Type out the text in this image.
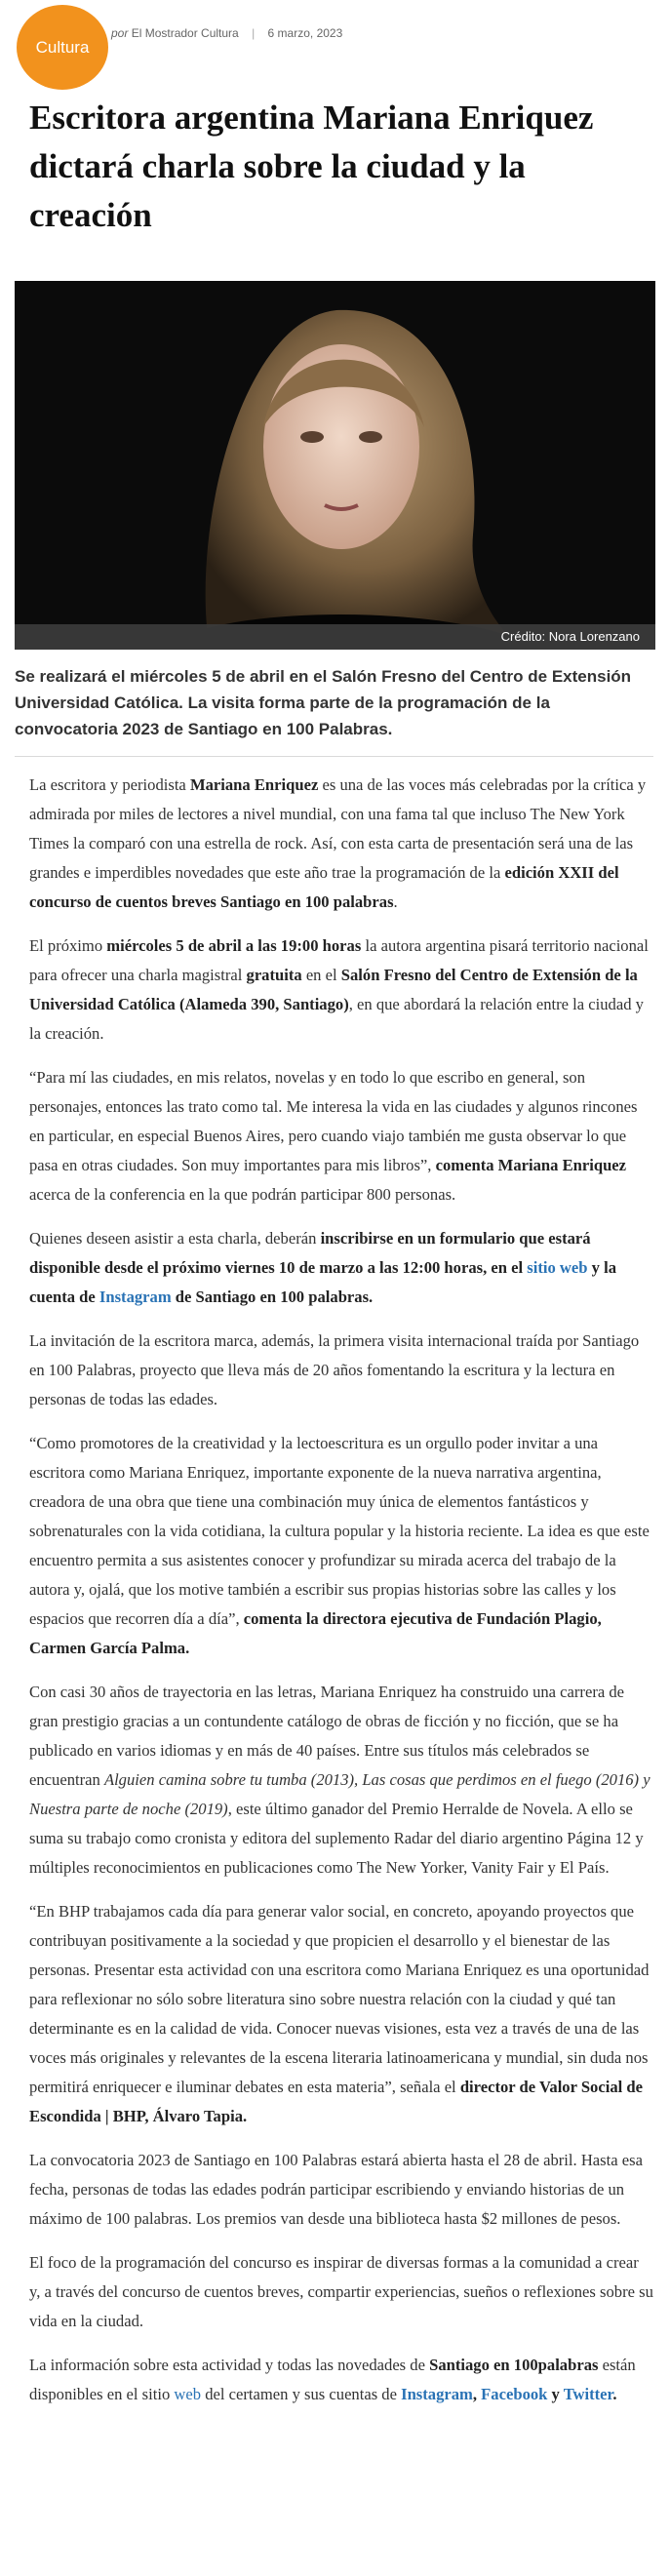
Cultura
por El Mostrador Cultura | 6 marzo, 2023
Escritora argentina Mariana Enriquez dictará charla sobre la ciudad y la creación
Crédito: Nora Lorenzano

Se realizará el miércoles 5 de abril en el Salón Fresno del Centro de Extensión Universidad Católica. La visita forma parte de la programación de la convocatoria 2023 de Santiago en 100 Palabras.

La escritora y periodista Mariana Enriquez es una de las voces más celebradas por la crítica y admirada por miles de lectores a nivel mundial, con una fama tal que incluso The New York Times la comparó con una estrella de rock. Así, con esta carta de presentación será una de las grandes e imperdibles novedades que este año trae la programación de la edición XXII del concurso de cuentos breves Santiago en 100 palabras.

El próximo miércoles 5 de abril a las 19:00 horas la autora argentina pisará territorio nacional para ofrecer una charla magistral gratuita en el Salón Fresno del Centro de Extensión de la Universidad Católica (Alameda 390, Santiago), en que abordará la relación entre la ciudad y la creación.

“Para mí las ciudades, en mis relatos, novelas y en todo lo que escribo en general, son personajes, entonces las trato como tal. Me interesa la vida en las ciudades y algunos rincones en particular, en especial Buenos Aires, pero cuando viajo también me gusta observar lo que pasa en otras ciudades. Son muy importantes para mis libros”, comenta Mariana Enriquez acerca de la conferencia en la que podrán participar 800 personas.

Quienes deseen asistir a esta charla, deberán inscribirse en un formulario que estará disponible desde el próximo viernes 10 de marzo a las 12:00 horas, en el sitio web y la cuenta de Instagram de Santiago en 100 palabras.

La invitación de la escritora marca, además, la primera visita internacional traída por Santiago en 100 Palabras, proyecto que lleva más de 20 años fomentando la escritura y la lectura en personas de todas las edades.

“Como promotores de la creatividad y la lectoescritura es un orgullo poder invitar a una escritora como Mariana Enriquez, importante exponente de la nueva narrativa argentina, creadora de una obra que tiene una combinación muy única de elementos fantásticos y sobrenaturales con la vida cotidiana, la cultura popular y la historia reciente. La idea es que este encuentro permita a sus asistentes conocer y profundizar su mirada acerca del trabajo de la autora y, ojalá, que los motive también a escribir sus propias historias sobre las calles y los espacios que recorren día a día”, comenta la directora ejecutiva de Fundación Plagio, Carmen García Palma.

Con casi 30 años de trayectoria en las letras, Mariana Enriquez ha construido una carrera de gran prestigio gracias a un contundente catálogo de obras de ficción y no ficción, que se ha publicado en varios idiomas y en más de 40 países. Entre sus títulos más celebrados se encuentran Alguien camina sobre tu tumba (2013), Las cosas que perdimos en el fuego (2016) y Nuestra parte de noche (2019), este último ganador del Premio Herralde de Novela. A ello se suma su trabajo como cronista y editora del suplemento Radar del diario argentino Página 12 y múltiples reconocimientos en publicaciones como The New Yorker, Vanity Fair y El País.

“En BHP trabajamos cada día para generar valor social, en concreto, apoyando proyectos que contribuyan positivamente a la sociedad y que propicien el desarrollo y el bienestar de las personas. Presentar esta actividad con una escritora como Mariana Enriquez es una oportunidad para reflexionar no sólo sobre literatura sino sobre nuestra relación con la ciudad y qué tan determinante es en la calidad de vida. Conocer nuevas visiones, esta vez a través de una de las voces más originales y relevantes de la escena literaria latinoamericana y mundial, sin duda nos permitirá enriquecer e iluminar debates en esta materia”, señala el director de Valor Social de Escondida | BHP, Álvaro Tapia.

La convocatoria 2023 de Santiago en 100 Palabras estará abierta hasta el 28 de abril. Hasta esa fecha, personas de todas las edades podrán participar escribiendo y enviando historias de un máximo de 100 palabras. Los premios van desde una biblioteca hasta $2 millones de pesos.

El foco de la programación del concurso es inspirar de diversas formas a la comunidad a crear y, a través del concurso de cuentos breves, compartir experiencias, sueños o reflexiones sobre su vida en la ciudad.

La información sobre esta actividad y todas las novedades de Santiago en 100palabras están disponibles en el sitio web del certamen y sus cuentas de Instagram, Facebook y Twitter.
